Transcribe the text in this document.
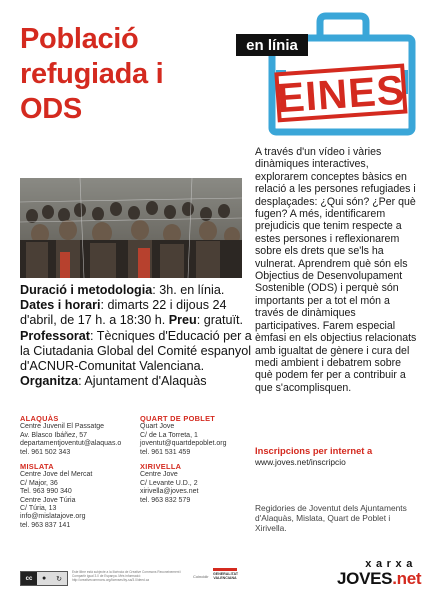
Població
refugiada i
ODS
en línia
EINES
A través d'un vídeo i vàries dinàmiques interactives, explorarem conceptes bàsics en relació a les persones refugiades i desplaçades: ¿Qui són? ¿Per què fugen? A més, identificarem prejudicis que tenim respecte a estes persones i reflexionarem sobre els drets que se'ls ha vulnerat. Aprendrem què són els Objectius de Desenvolupament Sostenible (ODS) i perquè són importants per a tot el món a través de dinàmiques participatives. Farem especial èmfasi en els objectius relacionats amb igualtat de gènere i cura del medi ambient i debatrem sobre què podem fer per a contribuir a que s'acomplisquen.
Duració i metodologia: 3h. en línia. Dates i horari: dimarts 22 i dijous 24 d'abril, de 17 h. a 18:30 h. Preu: gratuït. Professorat: Tècniques d'Educació per a la Ciutadania Global del Comité espanyol d'ACNUR-Comunitat Valenciana. Organitza: Ajuntament d'Alaquàs
ALAQUÀS
Centre Juvenil El Passatge
Av. Blasco Ibáñez, 57
departamentjoventut@alaquas.o
tel. 961 502 343
MISLATA
Centre Jove del Mercat
C/ Major, 36
Tel. 963 990 340
Centre Jove Túria
C/ Túria, 13
info@mislatajove.org
tel. 963 837 141
QUART DE POBLET
Quart Jove
C/ de La Torreta, 1
joventut@quartdepoblet.org
tel. 961 531 459
XIRIVELLA
Centre Jove
C/ Levante U.D., 2
xirivella@joves.net
tel. 963 832 579
Inscripcions per internet a
www.joves.net/inscripcio
Regidories de Joventut dels Ajuntaments d'Alaquàs, Mislata, Quart de Poblet i Xirivella.
cc	● ↻
Este llibre està subjecte a la llicència de Creative Commons Reconeixement i Compartir igual 3.0 de Espanya. Més informació: http://creativecommons.org/licenses/by-sa/3.0/deed.ca
Coincidir GENERALITAT VALENCIANA
xarxa
JOVES.net
